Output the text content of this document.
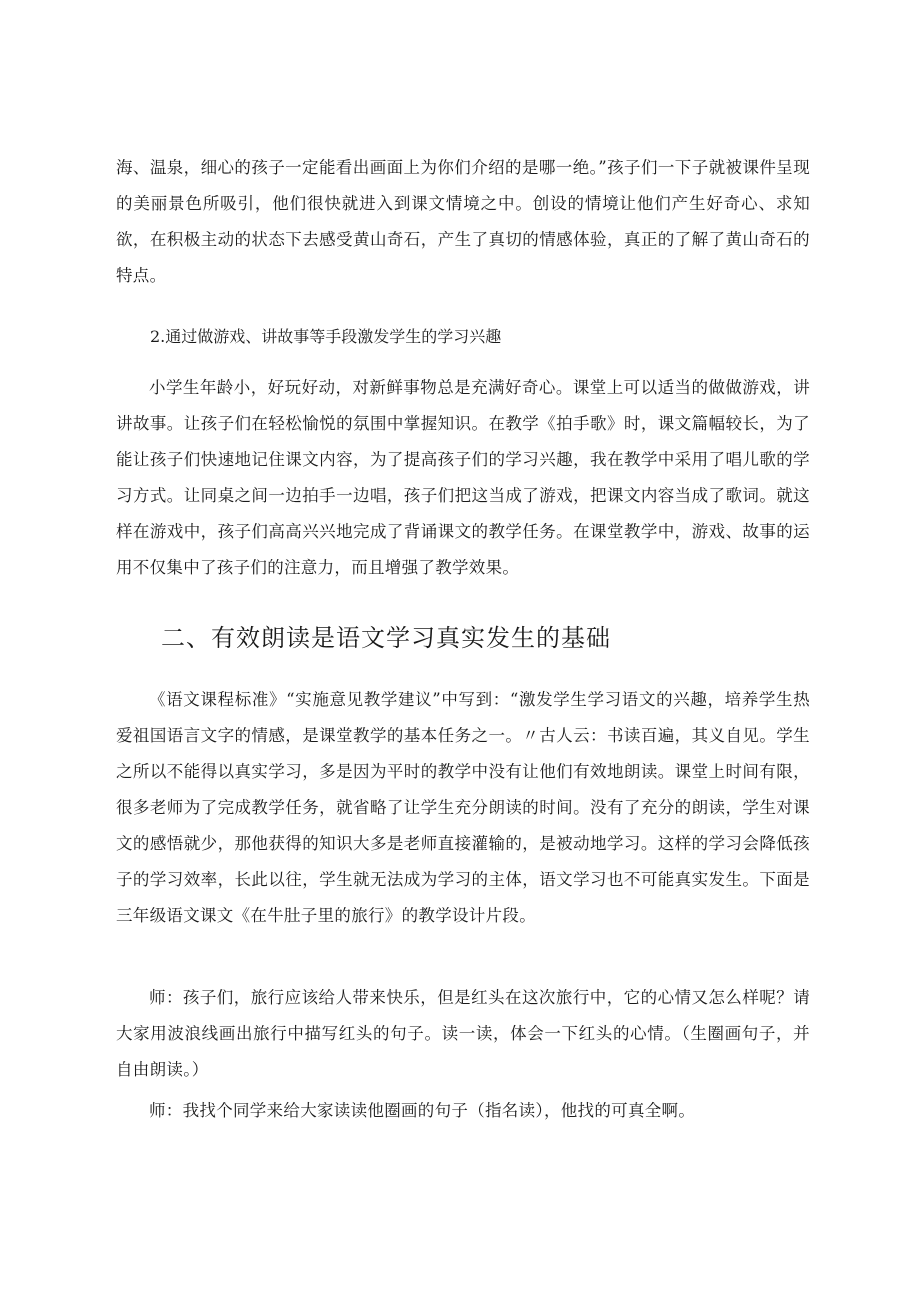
海、温泉，细心的孩子一定能看出画面上为你们介绍的是哪一绝。”孩子们一下子就被课件呈现的美丽景色所吸引，他们很快就进入到课文情境之中。创设的情境让他们产生好奇心、求知欲，在积极主动的状态下去感受黄山奇石，产生了真切的情感体验，真正的了解了黄山奇石的特点。

2.通过做游戏、讲故事等手段激发学生的学习兴趣

小学生年龄小，好玩好动，对新鲜事物总是充满好奇心。课堂上可以适当的做做游戏，讲讲故事。让孩子们在轻松愉悦的氛围中掌握知识。在教学《拍手歌》时，课文篇幅较长，为了能让孩子们快速地记住课文内容，为了提高孩子们的学习兴趣，我在教学中采用了唱儿歌的学习方式。让同桌之间一边拍手一边唱，孩子们把这当成了游戏，把课文内容当成了歌词。就这样在游戏中，孩子们高高兴兴地完成了背诵课文的教学任务。在课堂教学中，游戏、故事的运用不仅集中了孩子们的注意力，而且增强了教学效果。

二、有效朗读是语文学习真实发生的基础

《语文课程标准》“实施意见教学建议”中写到：“激发学生学习语文的兴趣，培养学生热爱祖国语言文字的情感，是课堂教学的基本任务之一。〃古人云：书读百遍，其义自见。学生之所以不能得以真实学习，多是因为平时的教学中没有让他们有效地朗读。课堂上时间有限，很多老师为了完成教学任务，就省略了让学生充分朗读的时间。没有了充分的朗读，学生对课文的感悟就少，那他获得的知识大多是老师直接灌输的，是被动地学习。这样的学习会降低孩子的学习效率，长此以往，学生就无法成为学习的主体，语文学习也不可能真实发生。下面是三年级语文课文《在牛肚子里的旅行》的教学设计片段。

师：孩子们，旅行应该给人带来快乐，但是红头在这次旅行中，它的心情又怎么样呢？请大家用波浪线画出旅行中描写红头的句子。读一读，体会一下红头的心情。（生圈画句子，并自由朗读。）

师：我找个同学来给大家读读他圈画的句子（指名读），他找的可真全啊。
